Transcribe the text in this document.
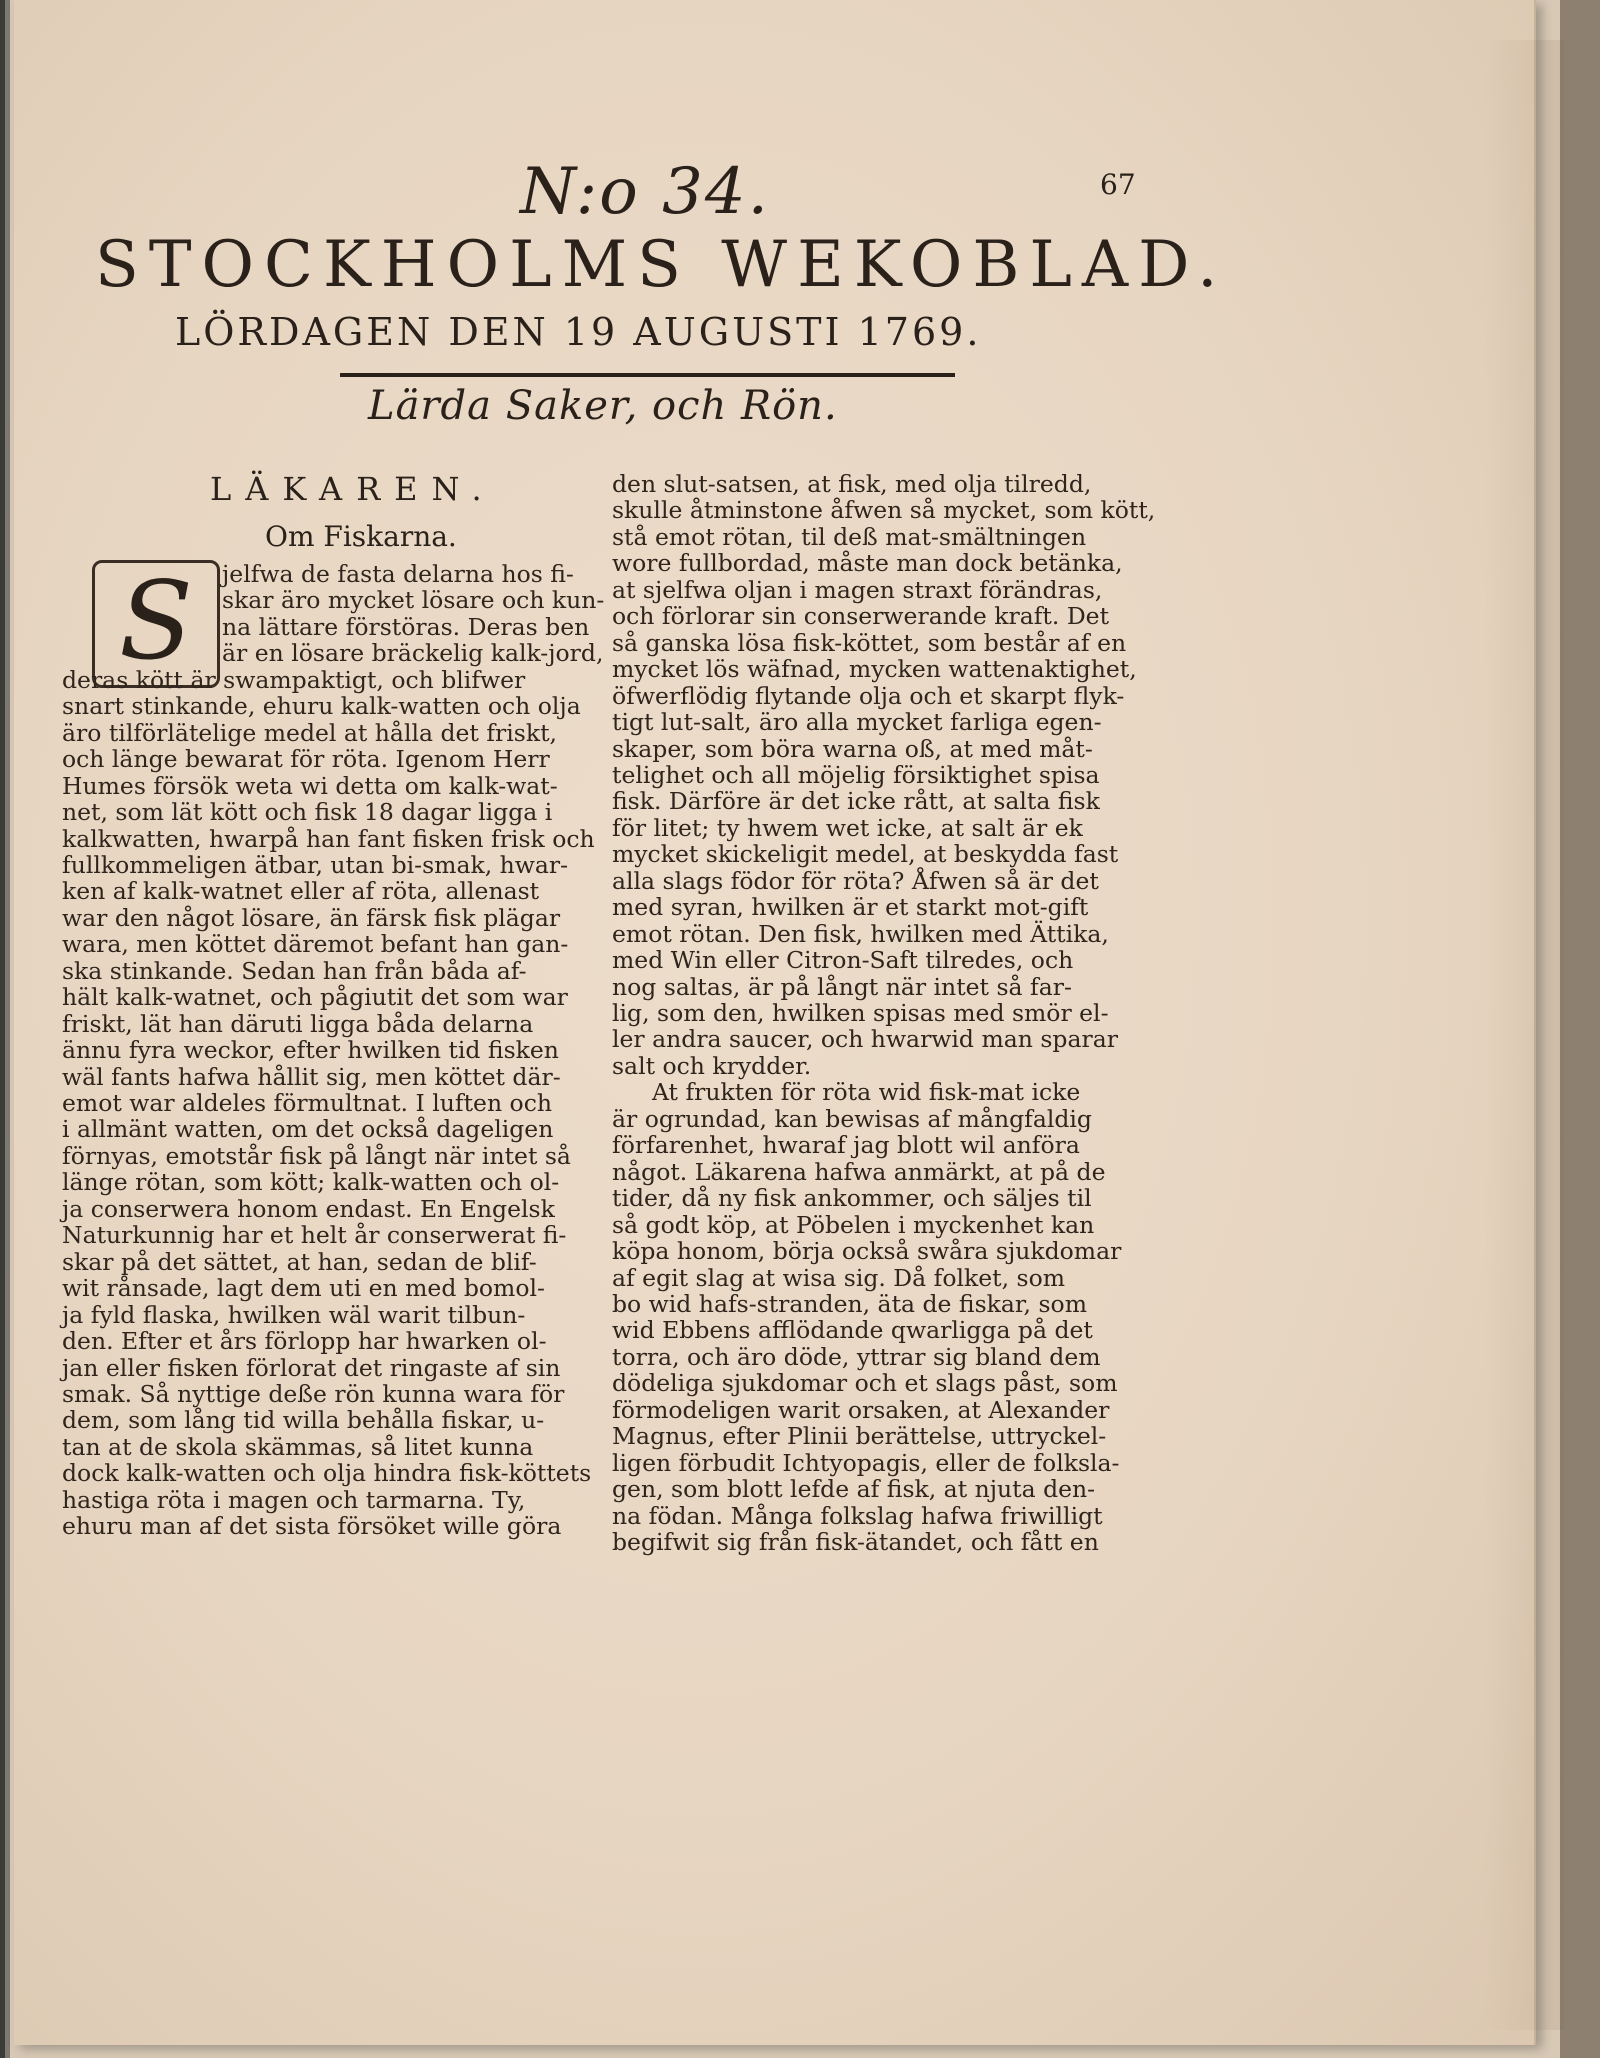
N:o 34.	67
STOCKHOLMS WEKOBLAD.
LÖRDAGEN DEN 19 AUGUSTI 1769.
Lärda Saker, och Rön.
LÄKAREN.
Om Fiskarna.
S	jelfwa de fasta delarna hos fi-
skar äro mycket lösare och kun-
na lättare förstöras. Deras ben
är en lösare bräckelig kalk-jord,
deras kött är swampaktigt, och blifwer
snart stinkande, ehuru kalk-watten och olja
äro tilförlätelige medel at hålla det friskt,
och länge bewarat för röta. Igenom Herr
Humes försök weta wi detta om kalk-wat-
net, som lät kött och fisk 18 dagar ligga i
kalkwatten, hwarpå han fant fisken frisk och
fullkommeligen ätbar, utan bi-smak, hwar-
ken af kalk-watnet eller af röta, allenast
war den något lösare, än färsk fisk plägar
wara, men köttet däremot befant han gan-
ska stinkande. Sedan han från båda af-
hält kalk-watnet, och pågiutit det som war
friskt, lät han däruti ligga båda delarna
ännu fyra weckor, efter hwilken tid fisken
wäl fants hafwa hållit sig, men köttet där-
emot war aldeles förmultnat. I luften och
i allmänt watten, om det också dageligen
förnyas, emotstår fisk på långt när intet så
länge rötan, som kött; kalk-watten och ol-
ja conserwera honom endast. En Engelsk
Naturkunnig har et helt år conserwerat fi-
skar på det sättet, at han, sedan de blif-
wit rånsade, lagt dem uti en med bomol-
ja fyld flaska, hwilken wäl warit tilbun-
den. Efter et års förlopp har hwarken ol-
jan eller fisken förlorat det ringaste af sin
smak. Så nyttige deße rön kunna wara för
dem, som lång tid willa behålla fiskar, u-
tan at de skola skämmas, så litet kunna
dock kalk-watten och olja hindra fisk-köttets
hastiga röta i magen och tarmarna. Ty,
ehuru man af det sista försöket wille göra
den slut-satsen, at fisk, med olja tilredd,
skulle åtminstone åfwen så mycket, som kött,
stå emot rötan, til deß mat-smältningen
wore fullbordad, måste man dock betänka,
at sjelfwa oljan i magen straxt förändras,
och förlorar sin conserwerande kraft. Det
så ganska lösa fisk-köttet, som består af en
mycket lös wäfnad, mycken wattenaktighet,
öfwerflödig flytande olja och et skarpt flyk-
tigt lut-salt, äro alla mycket farliga egen-
skaper, som böra warna oß, at med måt-
telighet och all möjelig försiktighet spisa
fisk. Därföre är det icke rått, at salta fisk
för litet; ty hwem wet icke, at salt är ek
mycket skickeligit medel, at beskydda fast
alla slags födor för röta? Åfwen så är det
med syran, hwilken är et starkt mot-gift
emot rötan. Den fisk, hwilken med Ättika,
med Win eller Citron-Saft tilredes, och
nog saltas, är på långt när intet så far-
lig, som den, hwilken spisas med smör el-
ler andra saucer, och hwarwid man sparar
salt och krydder.
At frukten för röta wid fisk-mat icke
är ogrundad, kan bewisas af mångfaldig
förfarenhet, hwaraf jag blott wil anföra
något. Läkarena hafwa anmärkt, at på de
tider, då ny fisk ankommer, och säljes til
så godt köp, at Pöbelen i myckenhet kan
köpa honom, börja också swåra sjukdomar
af egit slag at wisa sig. Då folket, som
bo wid hafs-stranden, äta de fiskar, som
wid Ebbens afflödande qwarligga på det
torra, och äro döde, yttrar sig bland dem
dödeliga sjukdomar och et slags påst, som
förmodeligen warit orsaken, at Alexander
Magnus, efter Plinii berättelse, uttryckel-
ligen förbudit Ichtyopagis, eller de folksla-
gen, som blott lefde af fisk, at njuta den-
na födan. Många folkslag hafwa friwilligt
begifwit sig från fisk-ätandet, och fått en
